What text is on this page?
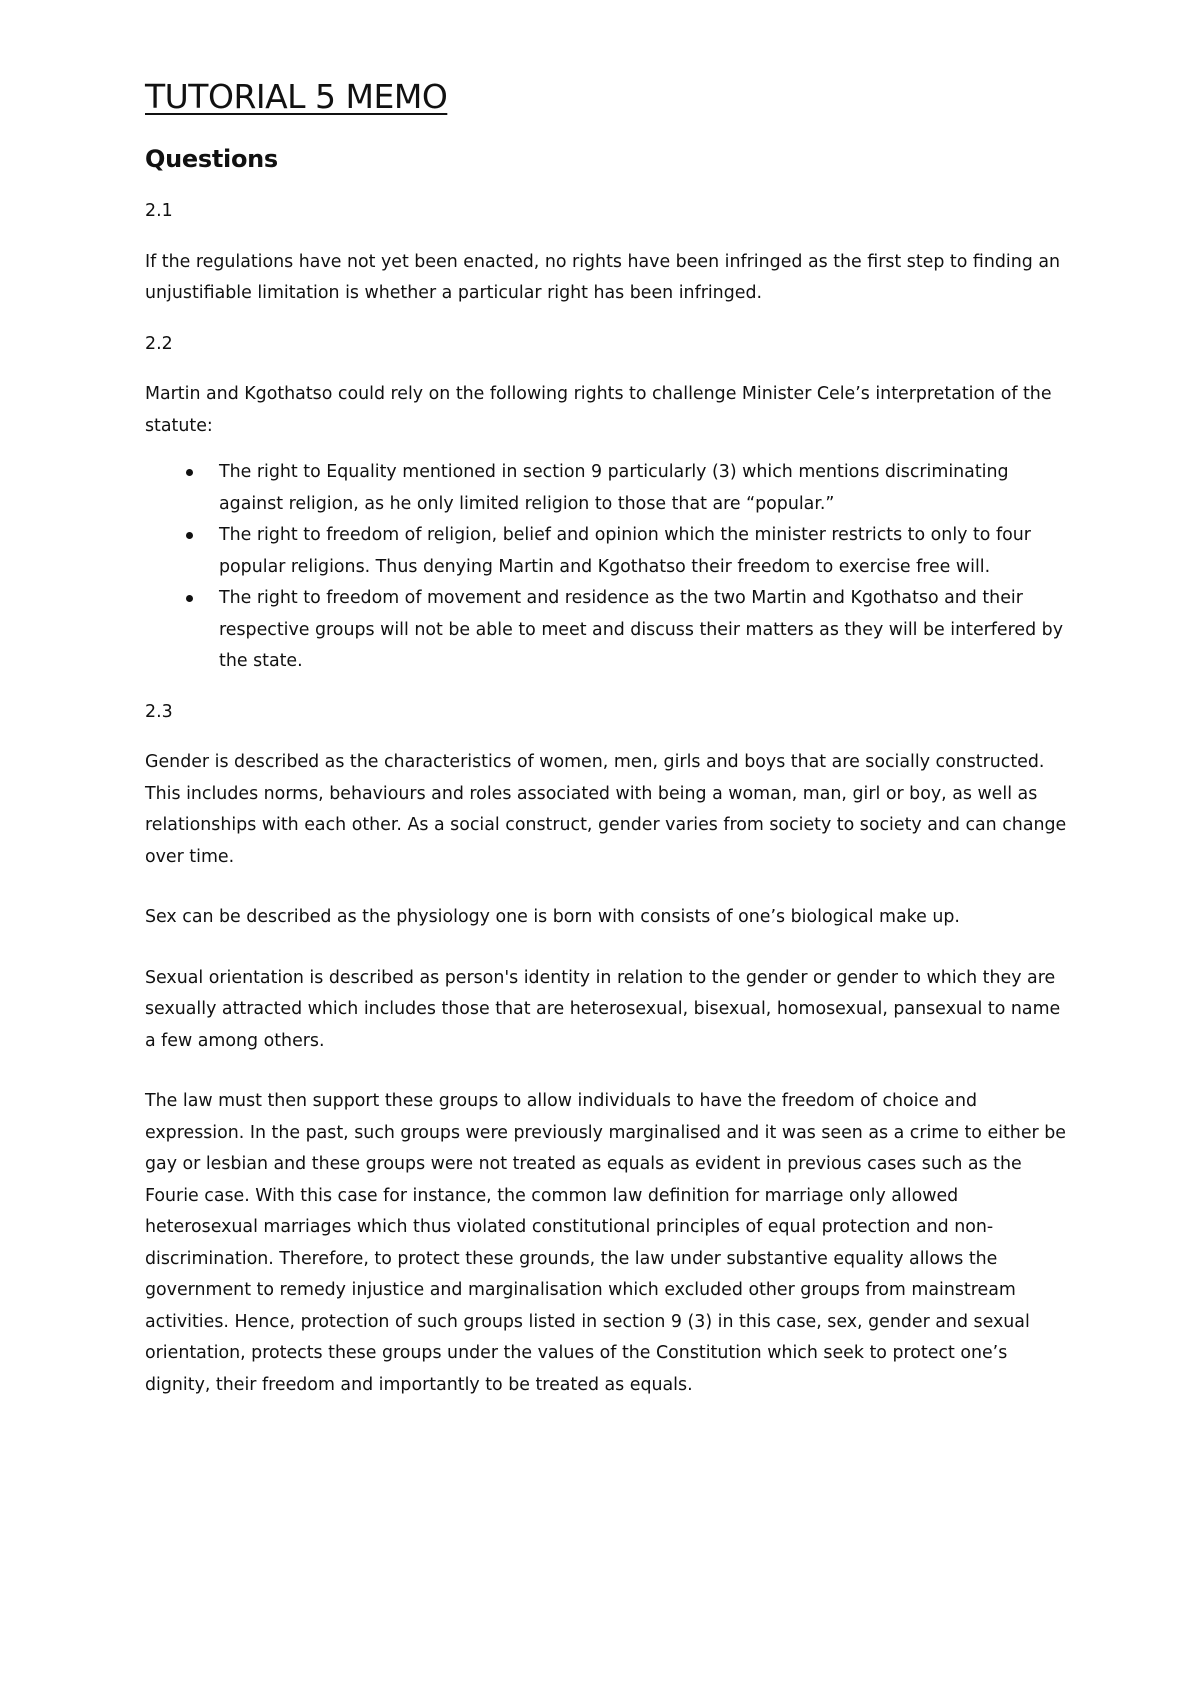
TUTORIAL 5 MEMO
Questions

2.1

If the regulations have not yet been enacted, no rights have been infringed as the first step to finding an unjustifiable limitation is whether a particular right has been infringed.

2.2

Martin and Kgothatso could rely on the following rights to challenge Minister Cele’s interpretation of the statute:

The right to Equality mentioned in section 9 particularly (3) which mentions discriminating against religion, as he only limited religion to those that are “popular.”
The right to freedom of religion, belief and opinion which the minister restricts to only to four popular religions. Thus denying Martin and Kgothatso their freedom to exercise free will.
The right to freedom of movement and residence as the two Martin and Kgothatso and their respective groups will not be able to meet and discuss their matters as they will be interfered by the state.

2.3

Gender is described as the characteristics of women, men, girls and boys that are socially constructed. This includes norms, behaviours and roles associated with being a woman, man, girl or boy, as well as relationships with each other. As a social construct, gender varies from society to society and can change over time.

Sex can be described as the physiology one is born with consists of one’s biological make up.

Sexual orientation is described as person's identity in relation to the gender or gender to which they are sexually attracted which includes those that are heterosexual, bisexual, homosexual, pansexual to name a few among others.

The law must then support these groups to allow individuals to have the freedom of choice and expression. In the past, such groups were previously marginalised and it was seen as a crime to either be gay or lesbian and these groups were not treated as equals as evident in previous cases such as the Fourie case. With this case for instance, the common law definition for marriage only allowed heterosexual marriages which thus violated constitutional principles of equal protection and non-discrimination. Therefore, to protect these grounds, the law under substantive equality allows the government to remedy injustice and marginalisation which excluded other groups from mainstream activities. Hence, protection of such groups listed in section 9 (3) in this case, sex, gender and sexual orientation, protects these groups under the values of the Constitution which seek to protect one’s dignity, their freedom and importantly to be treated as equals.
